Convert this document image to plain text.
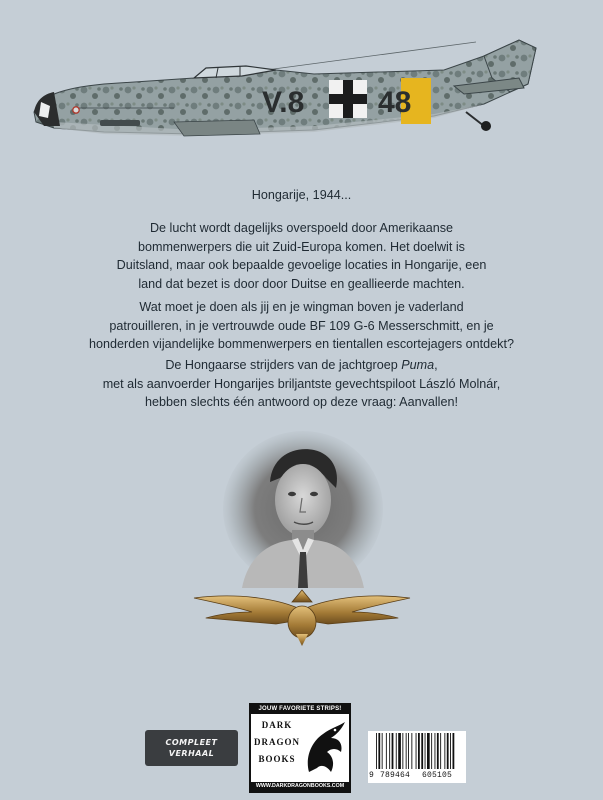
V.8 48

Hongarije, 1944...

De lucht wordt dagelijks overspoeld door Amerikaanse

bommenwerpers die uit Zuid-Europa komen. Het doelwit is

Duitsland, maar ook bepaalde gevoelige locaties in Hongarije, een

land dat bezet is door door Duitse en geallieerde machten.

Wat moet je doen als jij en je wingman boven je vaderland

patrouilleren, in je vertrouwde oude BF 109 G-6 Messerschmitt, en je

honderden vijandelijke bommenwerpers en tientallen escortejagers ontdekt?

De Hongaarse strijders van de jachtgroep Puma,

met als aanvoerder Hongarijes briljantste gevechtspiloot László Molnár,

hebben slechts één antwoord op deze vraag: Aanvallen!

COMPLEET
VERHAAL
JOUW FAVORIETE STRIPS!
DARK
DRAGON
BOOKS
WWW.DARKDRAGONBOOKS.COM
9 789464 605105
